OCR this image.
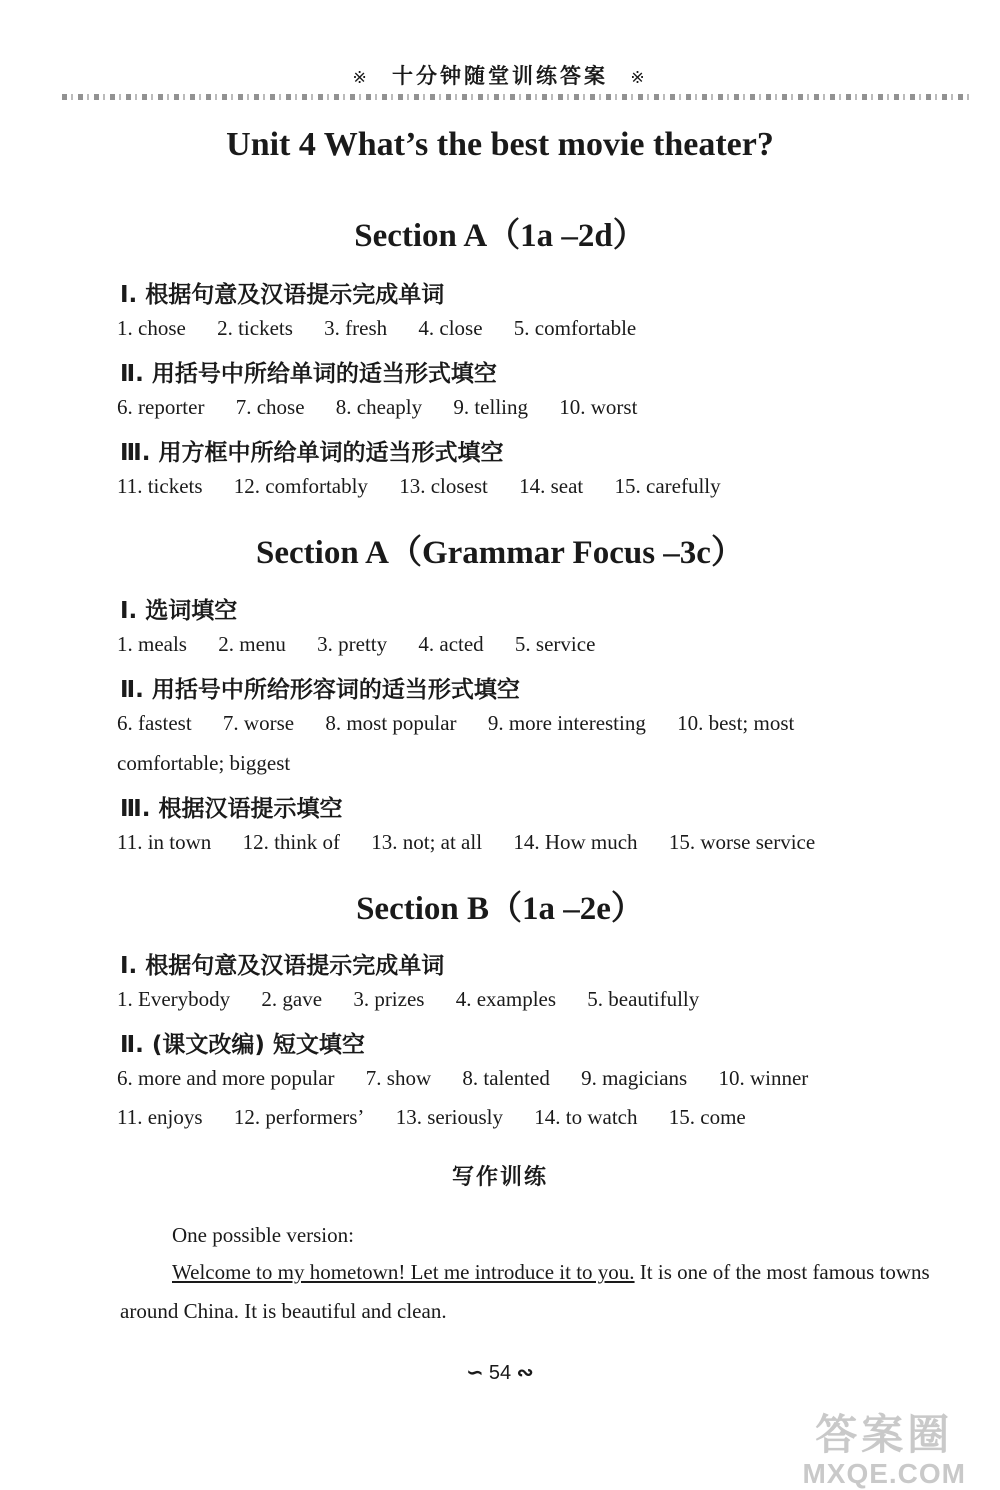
※ 十分钟随堂训练答案 ※
Unit 4 What’s the best movie theater?
Section A（1a –2d）
Ⅰ. 根据句意及汉语提示完成单词
1. chose 2. tickets 3. fresh 4. close 5. comfortable
Ⅱ. 用括号中所给单词的适当形式填空
6. reporter 7. chose 8. cheaply 9. telling 10. worst
Ⅲ. 用方框中所给单词的适当形式填空
11. tickets 12. comfortably 13. closest 14. seat 15. carefully
Section A（Grammar Focus –3c）
Ⅰ. 选词填空
1. meals 2. menu 3. pretty 4. acted 5. service
Ⅱ. 用括号中所给形容词的适当形式填空
6. fastest 7. worse 8. most popular 9. more interesting 10. best; most
comfortable; biggest
Ⅲ. 根据汉语提示填空
11. in town 12. think of 13. not; at all 14. How much 15. worse service
Section B（1a –2e）
Ⅰ. 根据句意及汉语提示完成单词
1. Everybody 2. gave 3. prizes 4. examples 5. beautifully
Ⅱ. (课文改编) 短文填空
6. more and more popular 7. show 8. talented 9. magicians 10. winner
11. enjoys 12. performers’ 13. seriously 14. to watch 15. come
写作训练
One possible version:
Welcome to my hometown! Let me introduce it to you. It is one of the most famous towns around China. It is beautiful and clean.
∽ 54 ∾
答案圈
MXQE.COM
